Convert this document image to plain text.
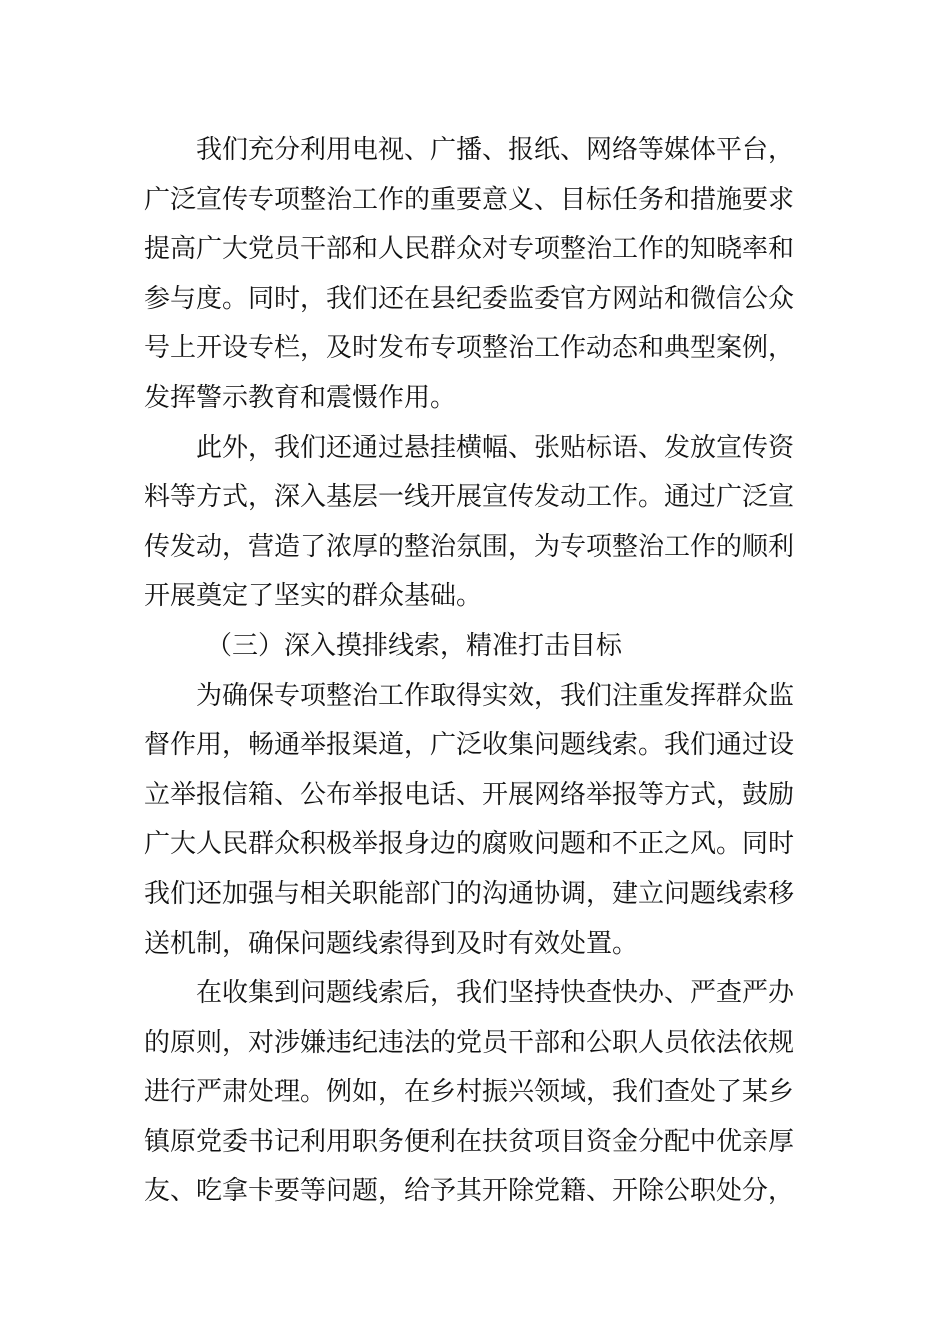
我们充分利用电视、广播、报纸、网络等媒体平台，
广泛宣传专项整治工作的重要意义、目标任务和措施要求
提高广大党员干部和人民群众对专项整治工作的知晓率和
参与度。同时，我们还在县纪委监委官方网站和微信公众
号上开设专栏，及时发布专项整治工作动态和典型案例，
发挥警示教育和震慑作用。
此外，我们还通过悬挂横幅、张贴标语、发放宣传资
料等方式，深入基层一线开展宣传发动工作。通过广泛宣
传发动，营造了浓厚的整治氛围，为专项整治工作的顺利
开展奠定了坚实的群众基础。
（三）深入摸排线索，精准打击目标
为确保专项整治工作取得实效，我们注重发挥群众监
督作用，畅通举报渠道，广泛收集问题线索。我们通过设
立举报信箱、公布举报电话、开展网络举报等方式，鼓励
广大人民群众积极举报身边的腐败问题和不正之风。同时
我们还加强与相关职能部门的沟通协调，建立问题线索移
送机制，确保问题线索得到及时有效处置。
在收集到问题线索后，我们坚持快查快办、严查严办
的原则，对涉嫌违纪违法的党员干部和公职人员依法依规
进行严肃处理。例如，在乡村振兴领域，我们查处了某乡
镇原党委书记利用职务便利在扶贫项目资金分配中优亲厚
友、吃拿卡要等问题，给予其开除党籍、开除公职处分，
